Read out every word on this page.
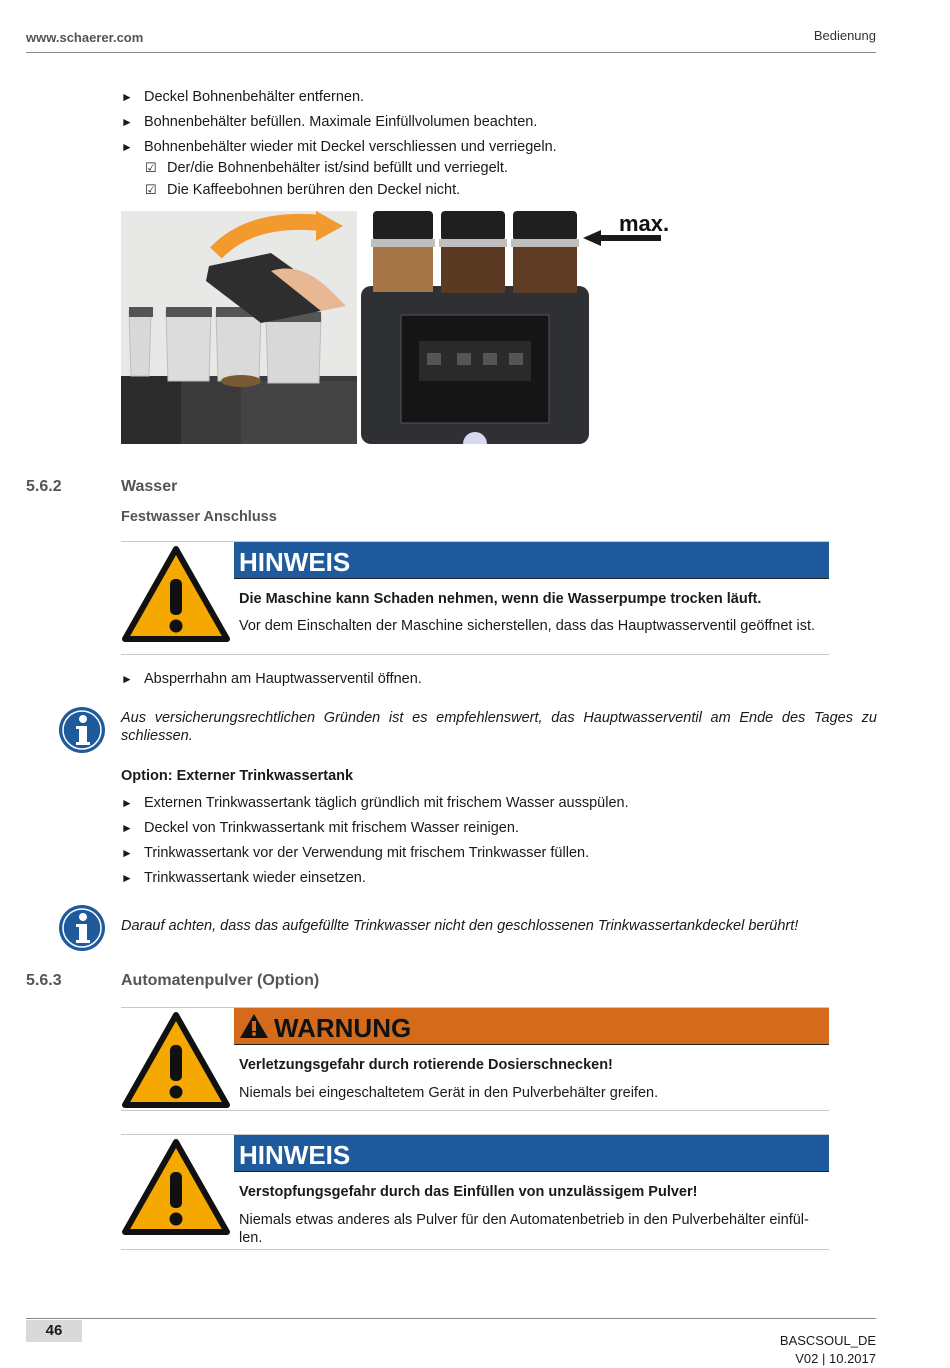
www.schaerer.com	Bedienung
► Deckel Bohnenbehälter entfernen.
► Bohnenbehälter befüllen. Maximale Einfüllvolumen beachten.
► Bohnenbehälter wieder mit Deckel verschliessen und verriegeln.
☑ Der/die Bohnenbehälter ist/sind befüllt und verriegelt.
☑ Die Kaffeebohnen berühren den Deckel nicht.
max.
5.6.2	Wasser
Festwasser Anschluss
HINWEIS
Die Maschine kann Schaden nehmen, wenn die Wasserpumpe trocken läuft.
Vor dem Einschalten der Maschine sicherstellen, dass das Hauptwasserventil geöffnet ist.
► Absperrhahn am Hauptwasserventil öffnen.
Aus versicherungsrechtlichen Gründen ist es empfehlenswert, das Hauptwasserventil am Ende des Tages zu schliessen.
Option: Externer Trinkwassertank
► Externen Trinkwassertank täglich gründlich mit frischem Wasser ausspülen.
► Deckel von Trinkwassertank mit frischem Wasser reinigen.
► Trinkwassertank vor der Verwendung mit frischem Trinkwasser füllen.
► Trinkwassertank wieder einsetzen.
Darauf achten, dass das aufgefüllte Trinkwasser nicht den geschlossenen Trinkwassertankdeckel berührt!
5.6.3	Automatenpulver (Option)
WARNUNG
Verletzungsgefahr durch rotierende Dosierschnecken!
Niemals bei eingeschaltetem Gerät in den Pulverbehälter greifen.
HINWEIS
Verstopfungsgefahr durch das Einfüllen von unzulässigem Pulver!
Niemals etwas anderes als Pulver für den Automatenbetrieb in den Pulverbehälter einfül-len.
46
BASCSOUL_DE
V02 | 10.2017
